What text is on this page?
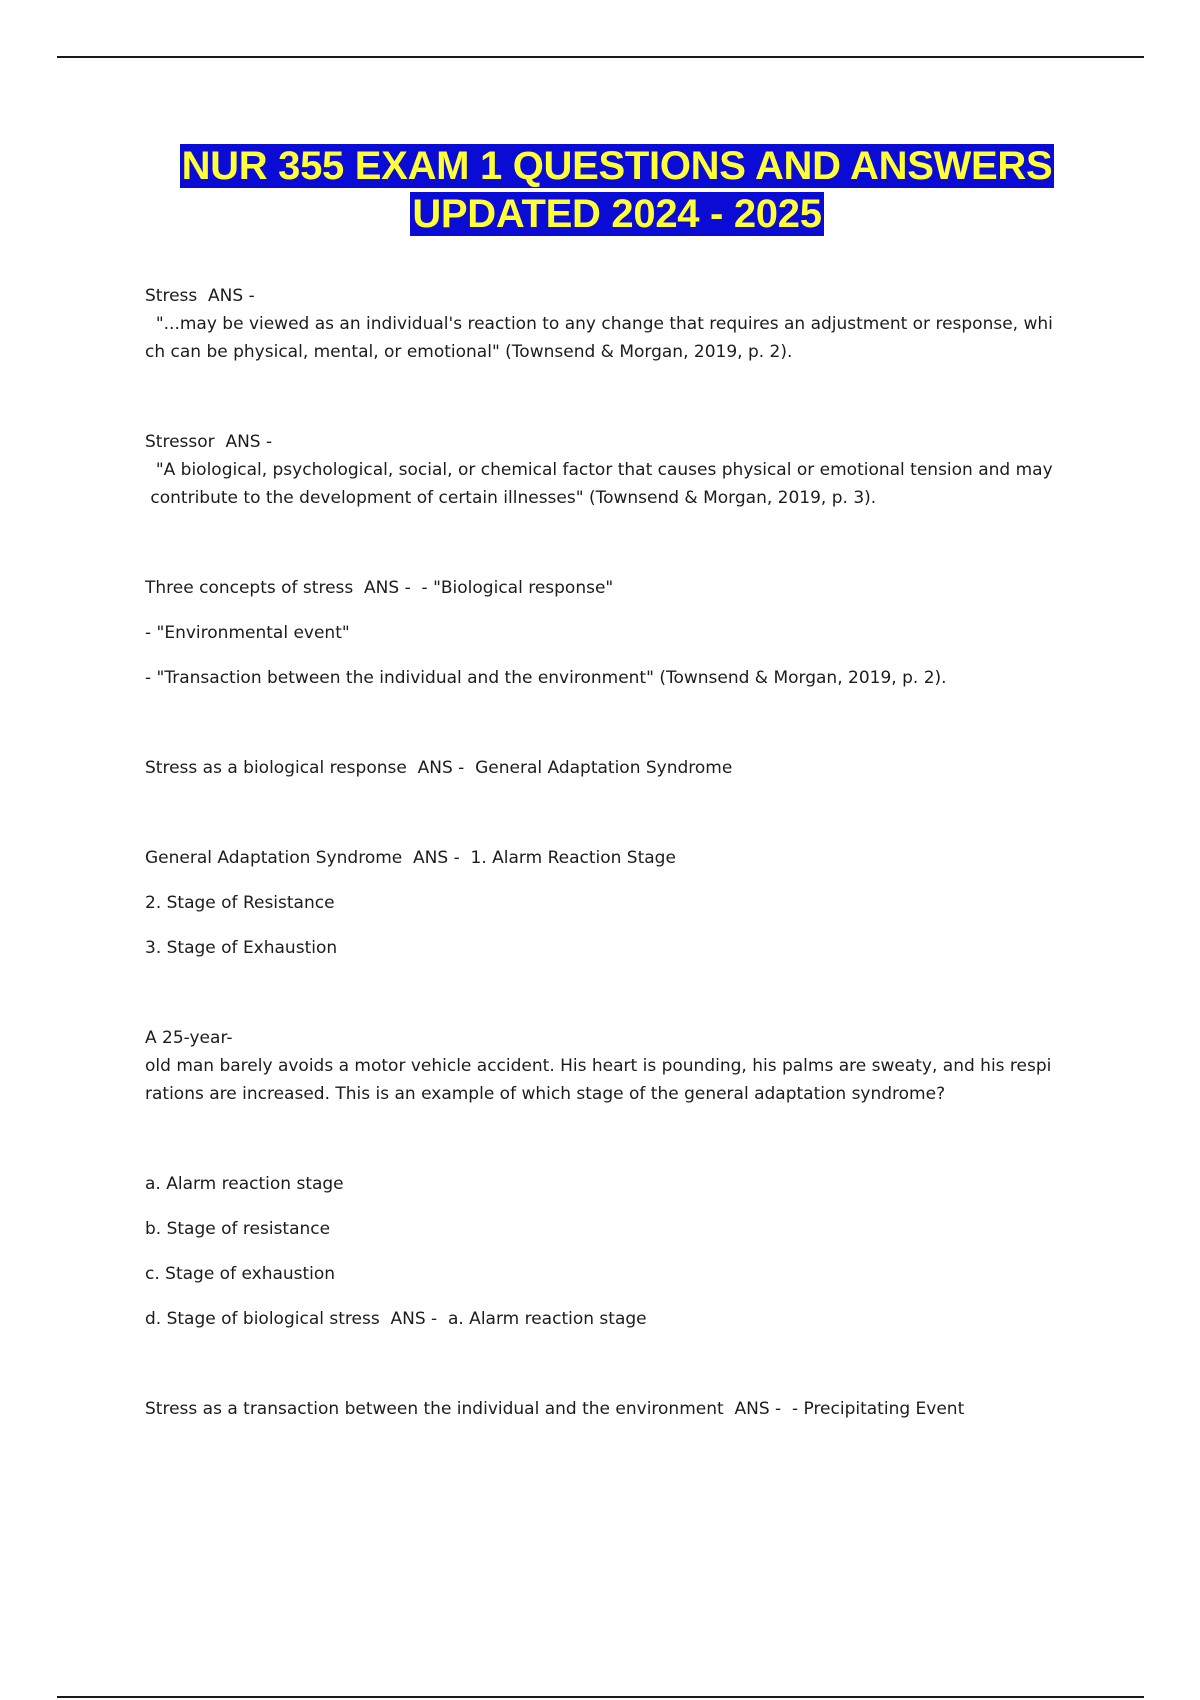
NUR 355 EXAM 1 QUESTIONS AND ANSWERS
UPDATED 2024 - 2025

Stress  ANS -

"...may be viewed as an individual's reaction to any change that requires an adjustment or response, whi

ch can be physical, mental, or emotional" (Townsend & Morgan, 2019, p. 2).

Stressor  ANS -

"A biological, psychological, social, or chemical factor that causes physical or emotional tension and may

contribute to the development of certain illnesses" (Townsend & Morgan, 2019, p. 3).

Three concepts of stress  ANS -  - "Biological response"

- "Environmental event"

- "Transaction between the individual and the environment" (Townsend & Morgan, 2019, p. 2).

Stress as a biological response  ANS -  General Adaptation Syndrome

General Adaptation Syndrome  ANS -  1. Alarm Reaction Stage

2. Stage of Resistance

3. Stage of Exhaustion

A 25-year-

old man barely avoids a motor vehicle accident. His heart is pounding, his palms are sweaty, and his respi

rations are increased. This is an example of which stage of the general adaptation syndrome?

a. Alarm reaction stage

b. Stage of resistance

c. Stage of exhaustion

d. Stage of biological stress  ANS -  a. Alarm reaction stage

Stress as a transaction between the individual and the environment  ANS -  - Precipitating Event
